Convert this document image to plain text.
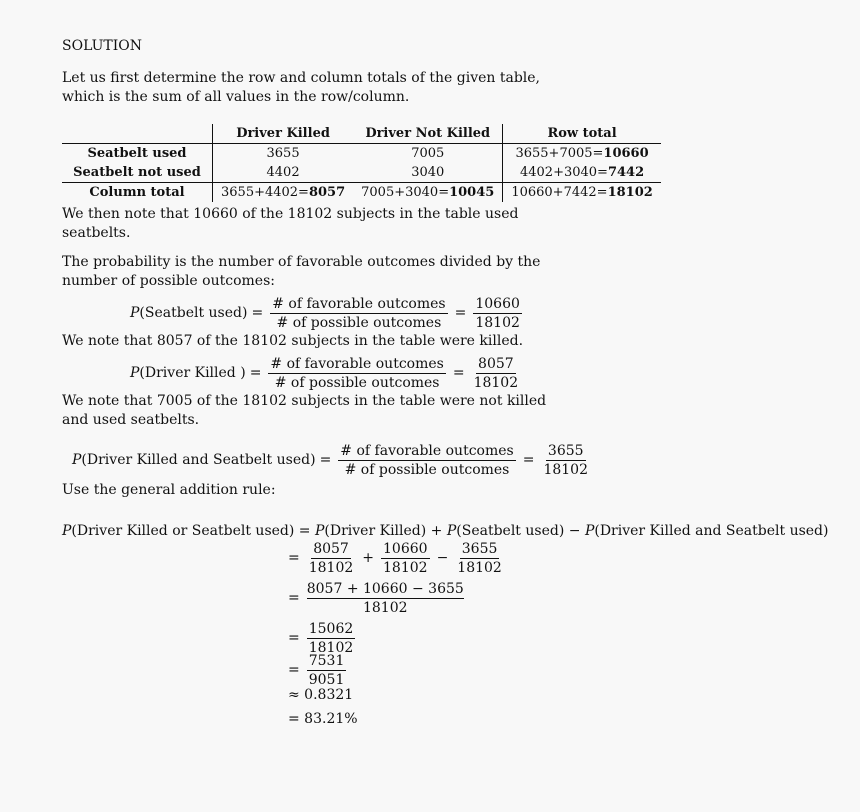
SOLUTION

Let us first determine the row and column totals of the given table, which is the sum of all values in the row/column.

	Driver Killed	Driver Not Killed	Row total
Seatbelt used	3655	7005	3655+7005=10660
Seatbelt not used	4402	3040	4402+3040=7442
Column total	3655+4402=8057	7005+3040=10045	10660+7442=18102

We then note that 10660 of the 18102 subjects in the table used seatbelts.

The probability is the number of favorable outcomes divided by the number of possible outcomes:

P(Seatbelt used) = $\frac{\text{\# of favorable outcomes}}{\text{\# of possible outcomes}} = \frac{10660}{18102}$

We note that 8057 of the 18102 subjects in the table were killed.

P(Driver Killed ) = $\frac{\text{\# of favorable outcomes}}{\text{\# of possible outcomes}} = \frac{8057}{18102}$

We note that 7005 of the 18102 subjects in the table were not killed and used seatbelts.

P(Driver Killed and Seatbelt used) = $\frac{\text{\# of favorable outcomes}}{\text{\# of possible outcomes}} = \frac{3655}{18102}$

Use the general addition rule:

P(Driver Killed or Seatbelt used) = P(Driver Killed) + P(Seatbelt used) − P(Driver Killed and Seatbelt used)
= $\frac{8057}{18102} + \frac{10660}{18102} - \frac{3655}{18102}$
= $\frac{8057 + 10660 - 3655}{18102}$
= $\frac{15062}{18102}$
= $\frac{7531}{9051}$
≈ 0.8321
= 83.21%
